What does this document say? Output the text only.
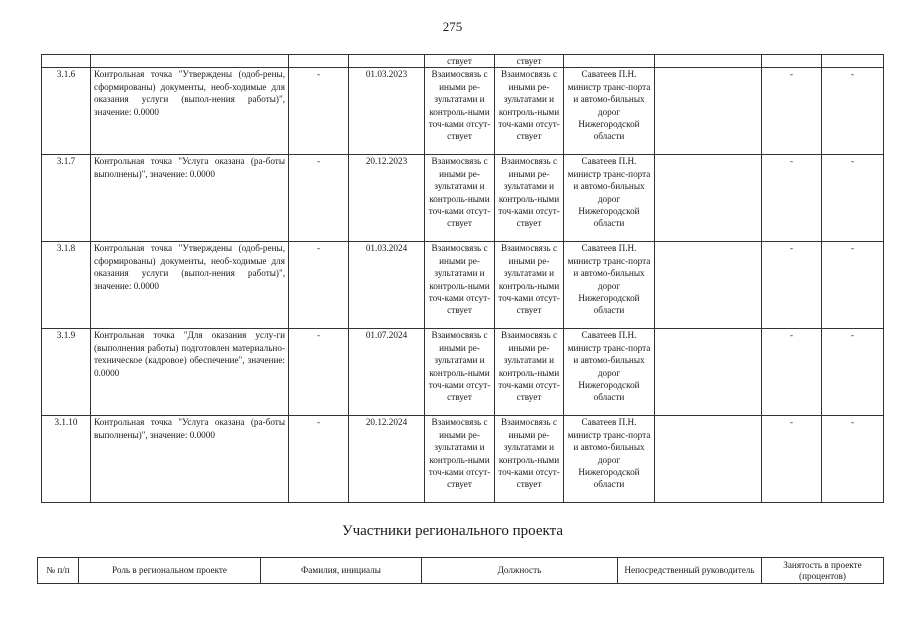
275
				ствует	ствует				
3.1.6	Контрольная точка "Утверждены (одоб-рены, сформированы) документы, необ-ходимые для оказания услуги (выпол-нения работы)", значение: 0.0000	-	01.03.2023	Взаимосвязь с иными ре-зультатами и контроль-ными точ-ками отсут-ствует	Взаимосвязь с иными ре-зультатами и контроль-ными точ-ками отсут-ствует	Саватеев П.Н. министр транс-порта и автомо-бильных дорог Нижегородской области		-	-
3.1.7	Контрольная точка "Услуга оказана (ра-боты выполнены)", значение: 0.0000	-	20.12.2023	Взаимосвязь с иными ре-зультатами и контроль-ными точ-ками отсут-ствует	Взаимосвязь с иными ре-зультатами и контроль-ными точ-ками отсут-ствует	Саватеев П.Н. министр транс-порта и автомо-бильных дорог Нижегородской области		-	-
3.1.8	Контрольная точка "Утверждены (одоб-рены, сформированы) документы, необ-ходимые для оказания услуги (выпол-нения работы)", значение: 0.0000	-	01.03.2024	Взаимосвязь с иными ре-зультатами и контроль-ными точ-ками отсут-ствует	Взаимосвязь с иными ре-зультатами и контроль-ными точ-ками отсут-ствует	Саватеев П.Н. министр транс-порта и автомо-бильных дорог Нижегородской области		-	-
3.1.9	Контрольная точка "Для оказания услу-ги (выполнения работы) подготовлен материально-техническое (кадровое) обеспечение", значение: 0.0000	-	01.07.2024	Взаимосвязь с иными ре-зультатами и контроль-ными точ-ками отсут-ствует	Взаимосвязь с иными ре-зультатами и контроль-ными точ-ками отсут-ствует	Саватеев П.Н. министр транс-порта и автомо-бильных дорог Нижегородской области		-	-
3.1.10	Контрольная точка "Услуга оказана (ра-боты выполнены)", значение: 0.0000	-	20.12.2024	Взаимосвязь с иными ре-зультатами и контроль-ными точ-ками отсут-ствует	Взаимосвязь с иными ре-зультатами и контроль-ными точ-ками отсут-ствует	Саватеев П.Н. министр транс-порта и автомо-бильных дорог Нижегородской области		-	-
Участники регионального проекта
№ п/п	Роль в региональном проекте	Фамилия, инициалы	Должность	Непосредственный руководитель	Занятость в проекте (процентов)
